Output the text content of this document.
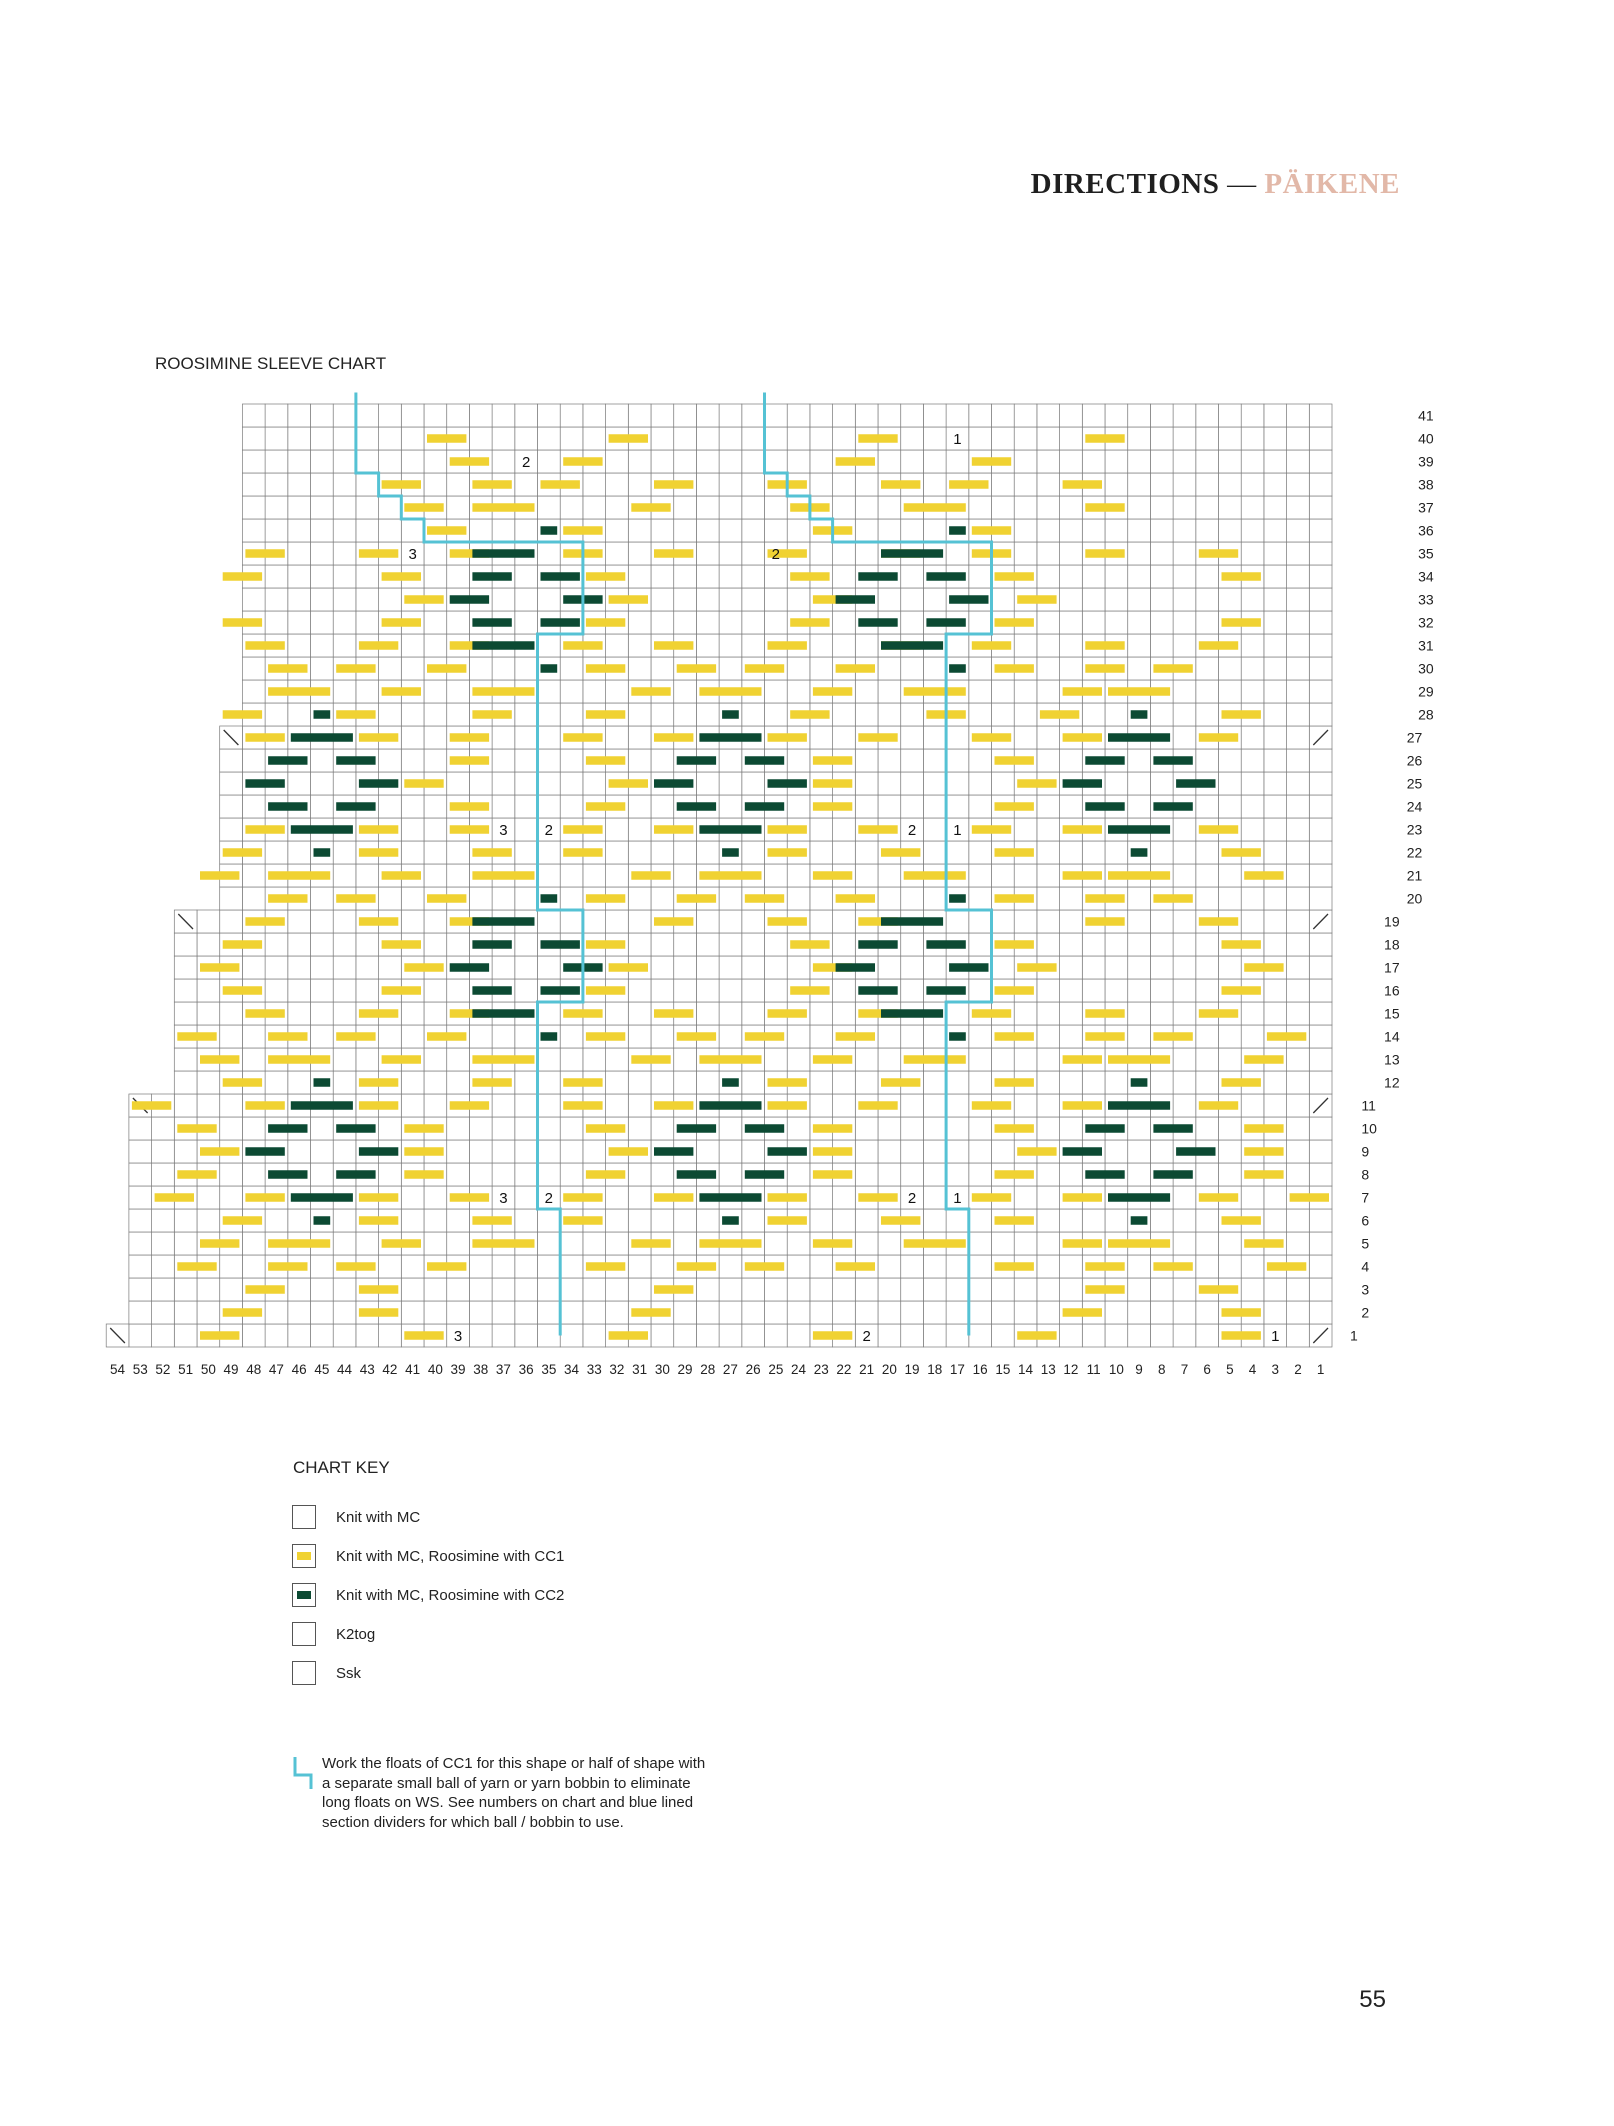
DIRECTIONS — PÄIKENE
ROOSIMINE SLEEVE CHART
1
2
3	2
3 2	2 1
3 2	2 1
3	2	1
41
40
39
38
37
36
35
34
33
32
31
30
29
28
27
26
25
24
23
22
21
20
19
18
17
16
15
14
13
12
11
10
9
8
7
6
5
4
3
2
1
54 53 52 51 50 49 48 47 46 45 44 43 42 41 40 39 38 37 36 35 34 33 32 31 30 29 28 27 26 25 24 23 22 21 20 19 18 17 16 15 14 13 12 11 10 9 8 7 6 5 4 3 2 1
CHART KEY
Knit with MC
Knit with MC, Roosimine with CC1
Knit with MC, Roosimine with CC2
K2tog
Ssk
Work the floats of CC1 for this shape or half of shape with a separate small ball of yarn or yarn bobbin to eliminate long floats on WS. See numbers on chart and blue lined section dividers for which ball / bobbin to use.
55
